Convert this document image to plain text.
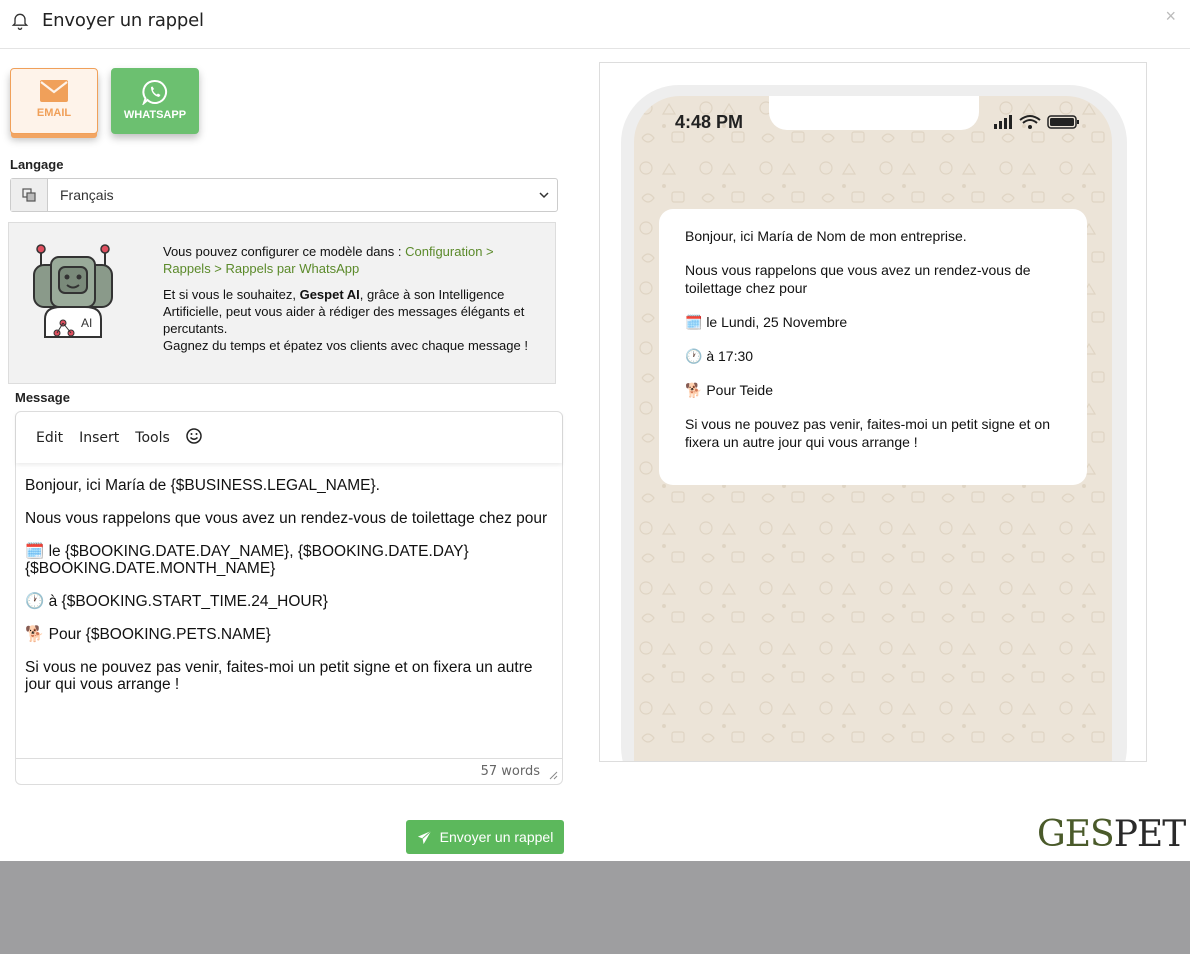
Envoyer un rappel	×
EMAIL	WHATSAPP
Langage
Français
AI

Vous pouvez configurer ce modèle dans : Configuration > Rappels > Rappels par WhatsApp

Et si vous le souhaitez, Gespet AI, grâce à son Intelligence Artificielle, peut vous aider à rédiger des messages élégants et percutants.

Gagnez du temps et épatez vos clients avec chaque message !

Message
Edit	Insert	Tools

Bonjour, ici María de {$BUSINESS.LEGAL_NAME}.

Nous vous rappelons que vous avez un rendez-vous de toilettage chez pour

🗓️ le {$BOOKING.DATE.DAY_NAME}, {$BOOKING.DATE.DAY} {$BOOKING.DATE.MONTH_NAME}

🕐 à {$BOOKING.START_TIME.24_HOUR}

🐕 Pour {$BOOKING.PETS.NAME}

Si vous ne pouvez pas venir, faites-moi un petit signe et on fixera un autre jour qui vous arrange !

57 words
4:48 PM

Bonjour, ici María de Nom de mon entreprise.

Nous vous rappelons que vous avez un rendez-vous de toilettage chez pour

🗓️ le Lundi, 25 Novembre

🕐 à 17:30

🐕 Pour Teide

Si vous ne pouvez pas venir, faites-moi un petit signe et on fixera un autre jour qui vous arrange !

Envoyer un rappel	GESPET
